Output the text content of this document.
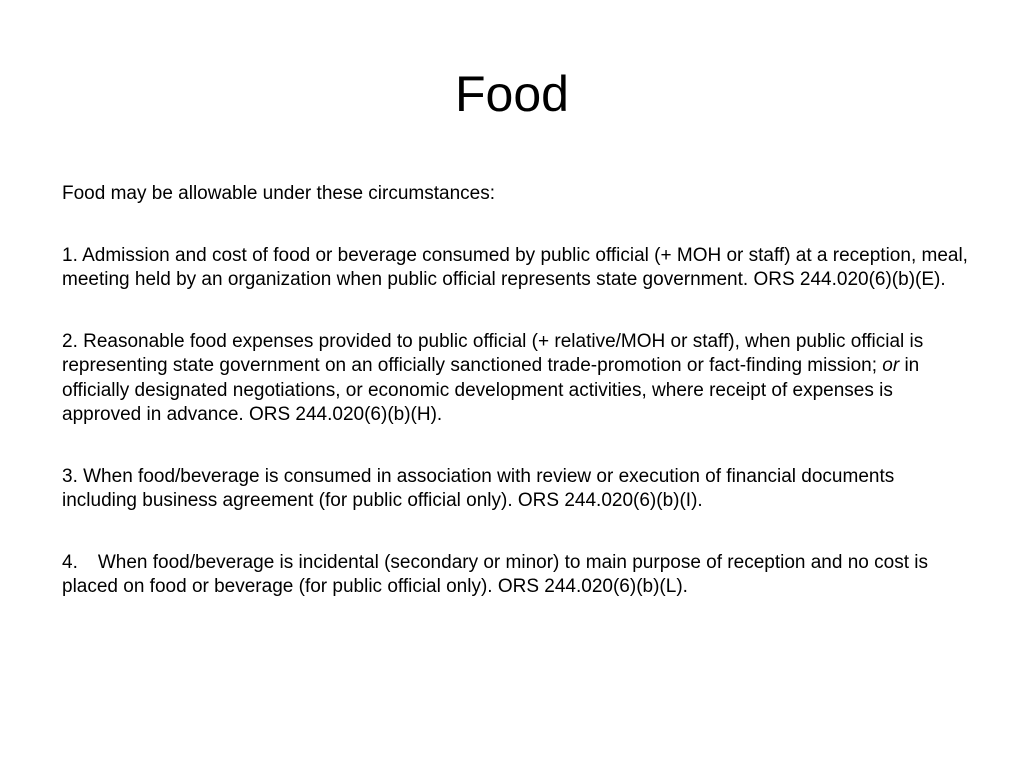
Food

Food may be allowable under these circumstances:

1. Admission and cost of food or beverage consumed by public official (+ MOH or staff) at a reception, meal, meeting held by an organization when public official represents state government. ORS 244.020(6)(b)(E).

2. Reasonable food expenses provided to public official (+ relative/MOH or staff), when public official is representing state government on an officially sanctioned trade-promotion or fact-finding mission; or in officially designated negotiations, or economic development activities, where receipt of expenses is approved in advance. ORS 244.020(6)(b)(H).

3. When food/beverage is consumed in association with review or execution of financial documents including business agreement (for public official only). ORS 244.020(6)(b)(I).

4. When food/beverage is incidental (secondary or minor) to main purpose of reception and no cost is placed on food or beverage (for public official only). ORS 244.020(6)(b)(L).
